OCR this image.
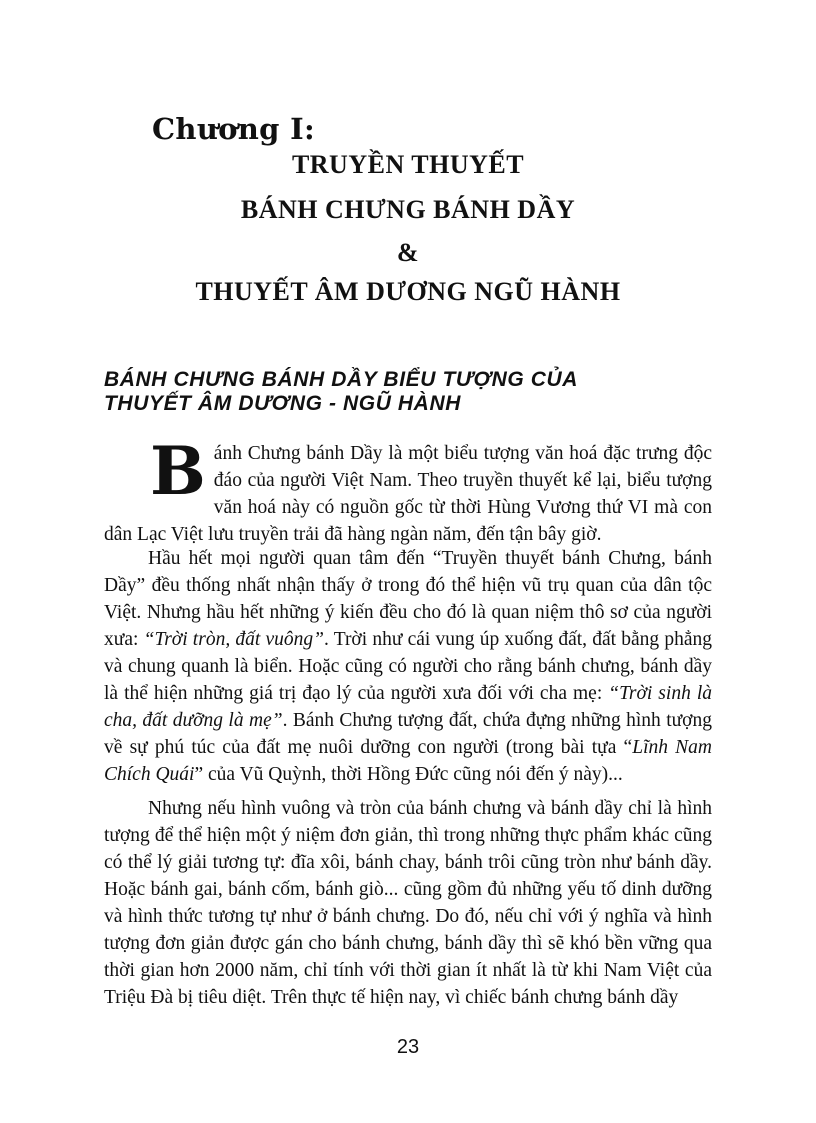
Chương I:
TRUYỀN THUYẾT
BÁNH CHƯNG BÁNH DẦY
&
THUYẾT ÂM DƯƠNG NGŨ HÀNH
BÁNH CHƯNG BÁNH DẦY BIỂU TƯỢNG CỦA
THUYẾT ÂM DƯƠNG - NGŨ HÀNH
B ánh Chưng bánh Dầy là một biểu tượng văn hoá đặc trưng độc đáo của người Việt Nam. Theo truyền thuyết kể lại, biểu tượng văn hoá này có nguồn gốc từ thời Hùng Vương thứ VI mà con dân Lạc Việt lưu truyền trải đã hàng ngàn năm, đến tận bây giờ.

Hầu hết mọi người quan tâm đến “Truyền thuyết bánh Chưng, bánh Dầy” đều thống nhất nhận thấy ở trong đó thể hiện vũ trụ quan của dân tộc Việt. Nhưng hầu hết những ý kiến đều cho đó là quan niệm thô sơ của người xưa: “Trời tròn, đất vuông”. Trời như cái vung úp xuống đất, đất bằng phẳng và chung quanh là biển. Hoặc cũng có người cho rằng bánh chưng, bánh dầy là thể hiện những giá trị đạo lý của người xưa đối với cha mẹ: “Trời sinh là cha, đất dưỡng là mẹ”. Bánh Chưng tượng đất, chứa đựng những hình tượng về sự phú túc của đất mẹ nuôi dưỡng con người (trong bài tựa “Lĩnh Nam Chích Quái” của Vũ Quỳnh, thời Hồng Đức cũng nói đến ý này)...

Nhưng nếu hình vuông và tròn của bánh chưng và bánh dầy chỉ là hình tượng để thể hiện một ý niệm đơn giản, thì trong những thực phẩm khác cũng có thể lý giải tương tự: đĩa xôi, bánh chay, bánh trôi cũng tròn như bánh dầy. Hoặc bánh gai, bánh cốm, bánh giò... cũng gồm đủ những yếu tố dinh dưỡng và hình thức tương tự như ở bánh chưng. Do đó, nếu chỉ với ý nghĩa và hình tượng đơn giản được gán cho bánh chưng, bánh dầy thì sẽ khó bền vững qua thời gian hơn 2000 năm, chỉ tính với thời gian ít nhất là từ khi Nam Việt của Triệu Đà bị tiêu diệt. Trên thực tế hiện nay, vì chiếc bánh chưng bánh dầy

23
